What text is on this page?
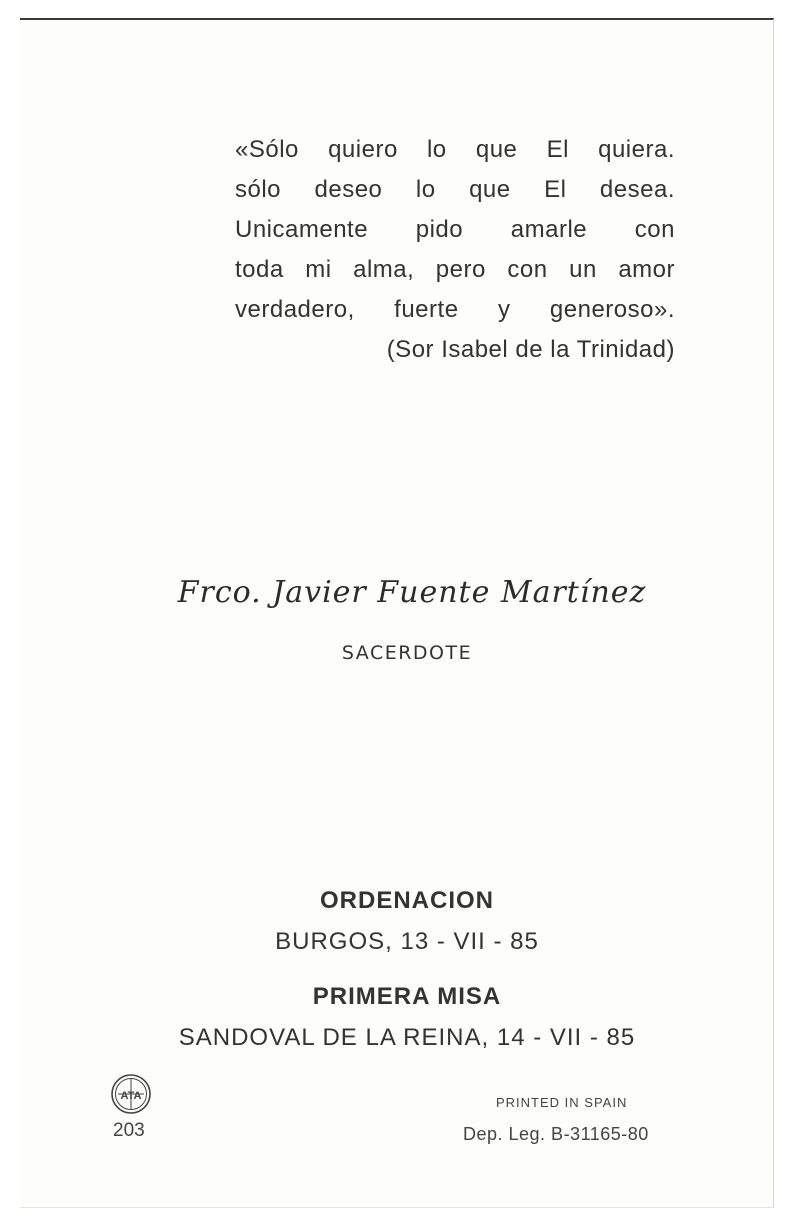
«Sólo quiero lo que El quiera.
sólo deseo lo que El desea.
Unicamente pido amarle con
toda mi alma, pero con un amor
verdadero, fuerte y generoso».
(Sor Isabel de la Trinidad)
Frco. Javier Fuente Martínez
SACERDOTE
ORDENACION
BURGOS, 13 - VII - 85
PRIMERA MISA
SANDOVAL DE LA REINA, 14 - VII - 85
ATA
203
PRINTED IN SPAIN
Dep. Leg. B-31165-80
